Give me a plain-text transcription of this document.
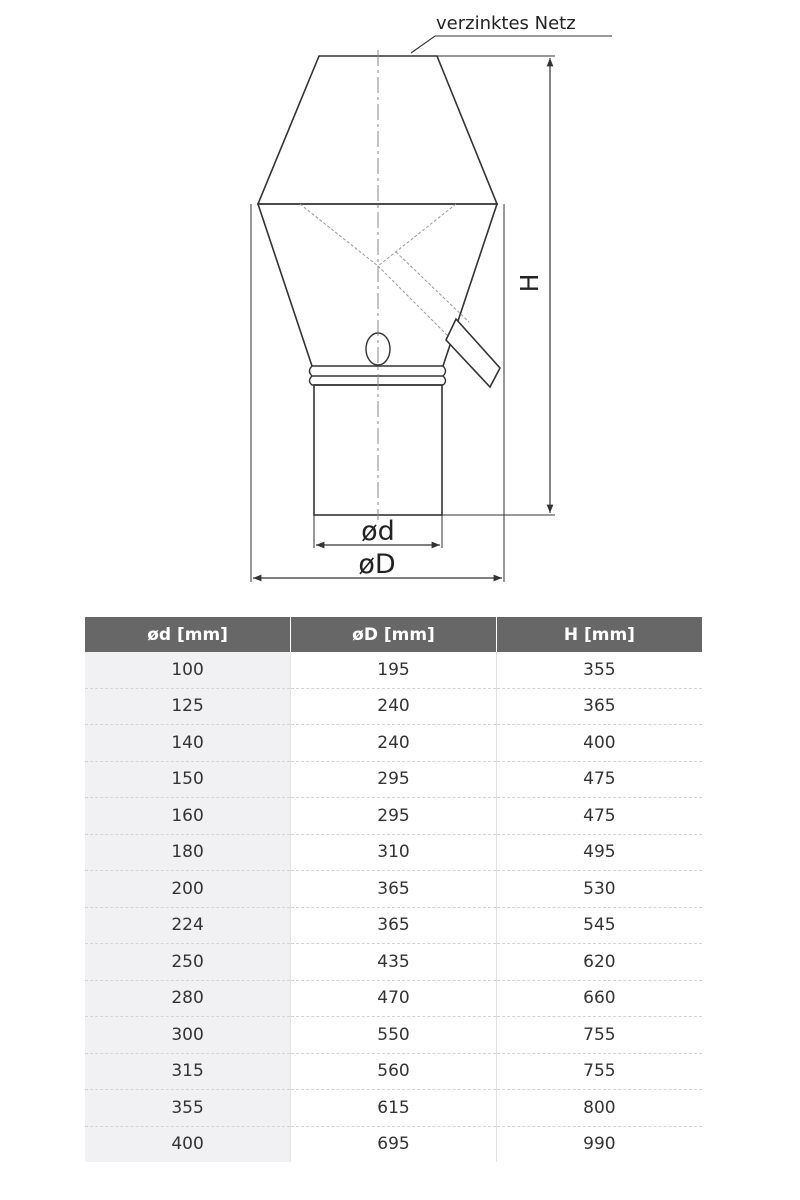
H
ød
øD
verzinktes Netz
ød [mm]	øD [mm]	H [mm]
100	195	355
125	240	365
140	240	400
150	295	475
160	295	475
180	310	495
200	365	530
224	365	545
250	435	620
280	470	660
300	550	755
315	560	755
355	615	800
400	695	990
